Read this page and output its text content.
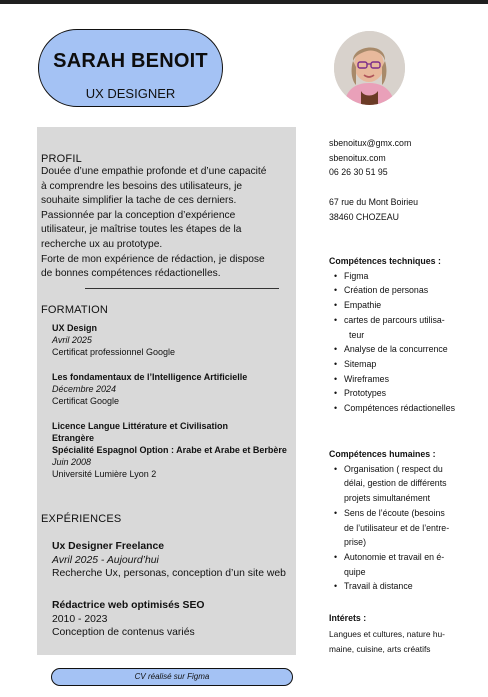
SARAH BENOIT
UX DESIGNER
PROFIL
Douée d’une empathie profonde et d’une capacité
à comprendre les besoins des utilisateurs, je
souhaite simplifier la tache de ces derniers.
Passionnée par la conception d’expérience
utilisateur, je maîtrise toutes les étapes de la
recherche ux au prototype.
Forte de mon expérience de rédaction, je dispose
de bonnes compétences rédactionelles.
FORMATION
UX Design
Avril 2025
Certificat professionnel Google
Les fondamentaux de l’Intelligence Artificielle
Décembre 2024
Certificat Google
Licence Langue Littérature et Civilisation
Etrangère
Spécialité Espagnol Option : Arabe et Arabe et Berbère
Juin 2008
Université Lumière Lyon 2
EXPÉRIENCES
Ux Designer Freelance
Avril 2025 - Aujourd’hui
Recherche Ux, personas, conception d’un site web
Rédactrice web optimisés SEO
2010 - 2023
Conception de contenus variés
sbenoitux@gmx.com
sbenoitux.com
06 26 30 51 95
67 rue du Mont Boirieu
38460 CHOZEAU
Compétences techniques :
• Figma
• Création de personas
• Empathie
• cartes de parcours utilisa-
teur
• Analyse de la concurrence
• Sitemap
• Wireframes
• Prototypes
• Compétences rédactionelles
Compétences humaines :
• Organisation ( respect du
délai, gestion de différents
projets simultanément
• Sens de l’écoute (besoins
de l’utilisateur et de l’entre-
prise)
• Autonomie et travail en é-
quipe
• Travail à distance
Intérets :
Langues et cultures, nature hu-
maine, cuisine, arts créatifs
CV réalisé sur Figma
